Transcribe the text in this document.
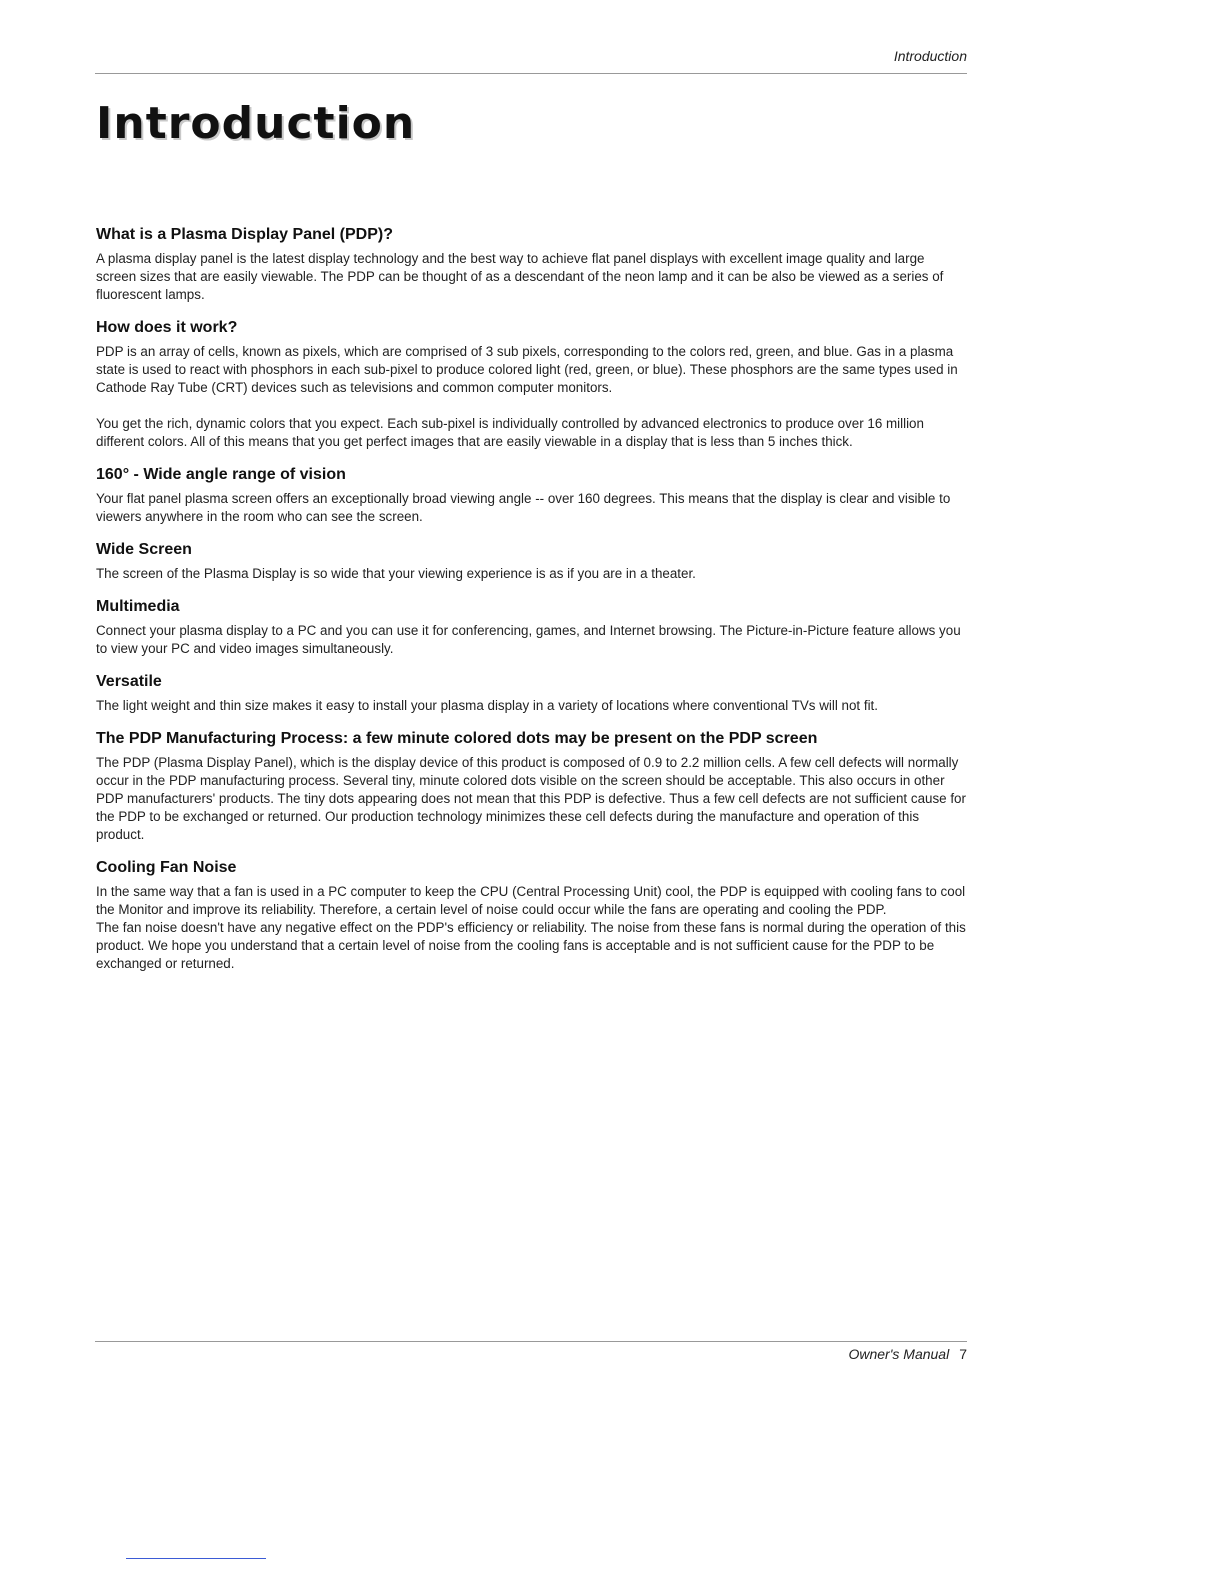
Introduction
Introduction
What is a Plasma Display Panel (PDP)?

A plasma display panel is the latest display technology and the best way to achieve flat panel displays with excellent image quality and large screen sizes that are easily viewable. The PDP can be thought of as a descendant of the neon lamp and it can be also be viewed as a series of fluorescent lamps.

How does it work?

PDP is an array of cells, known as pixels, which are comprised of 3 sub pixels, corresponding to the colors red, green, and blue. Gas in a plasma state is used to react with phosphors in each sub-pixel to produce colored light (red, green, or blue). These phosphors are the same types used in Cathode Ray Tube (CRT) devices such as televisions and common computer monitors.

You get the rich, dynamic colors that you expect. Each sub-pixel is individually controlled by advanced electronics to produce over 16 million different colors. All of this means that you get perfect images that are easily viewable in a display that is less than 5 inches thick.

160° - Wide angle range of vision

Your flat panel plasma screen offers an exceptionally broad viewing angle -- over 160 degrees. This means that the display is clear and visible to viewers anywhere in the room who can see the screen.

Wide Screen

The screen of the Plasma Display is so wide that your viewing experience is as if you are in a theater.

Multimedia

Connect your plasma display to a PC and you can use it for conferencing, games, and Internet browsing. The Picture-in-Picture feature allows you to view your PC and video images simultaneously.

Versatile

The light weight and thin size makes it easy to install your plasma display in a variety of locations where conventional TVs will not fit.

The PDP Manufacturing Process: a few minute colored dots may be present on the PDP screen

The PDP (Plasma Display Panel), which is the display device of this product is composed of 0.9 to 2.2 million cells. A few cell defects will normally occur in the PDP manufacturing process. Several tiny, minute colored dots visible on the screen should be acceptable. This also occurs in other PDP manufacturers' products. The tiny dots appearing does not mean that this PDP is defective. Thus a few cell defects are not sufficient cause for the PDP to be exchanged or returned. Our production technology minimizes these cell defects during the manufacture and operation of this product.

Cooling Fan Noise

In the same way that a fan is used in a PC computer to keep the CPU (Central Processing Unit) cool, the PDP is equipped with cooling fans to cool the Monitor and improve its reliability. Therefore, a certain level of noise could occur while the fans are operating and cooling the PDP.

The fan noise doesn't have any negative effect on the PDP's efficiency or reliability. The noise from these fans is normal during the operation of this product. We hope you understand that a certain level of noise from the cooling fans is acceptable and is not sufficient cause for the PDP to be exchanged or returned.

Owner's Manual 7
